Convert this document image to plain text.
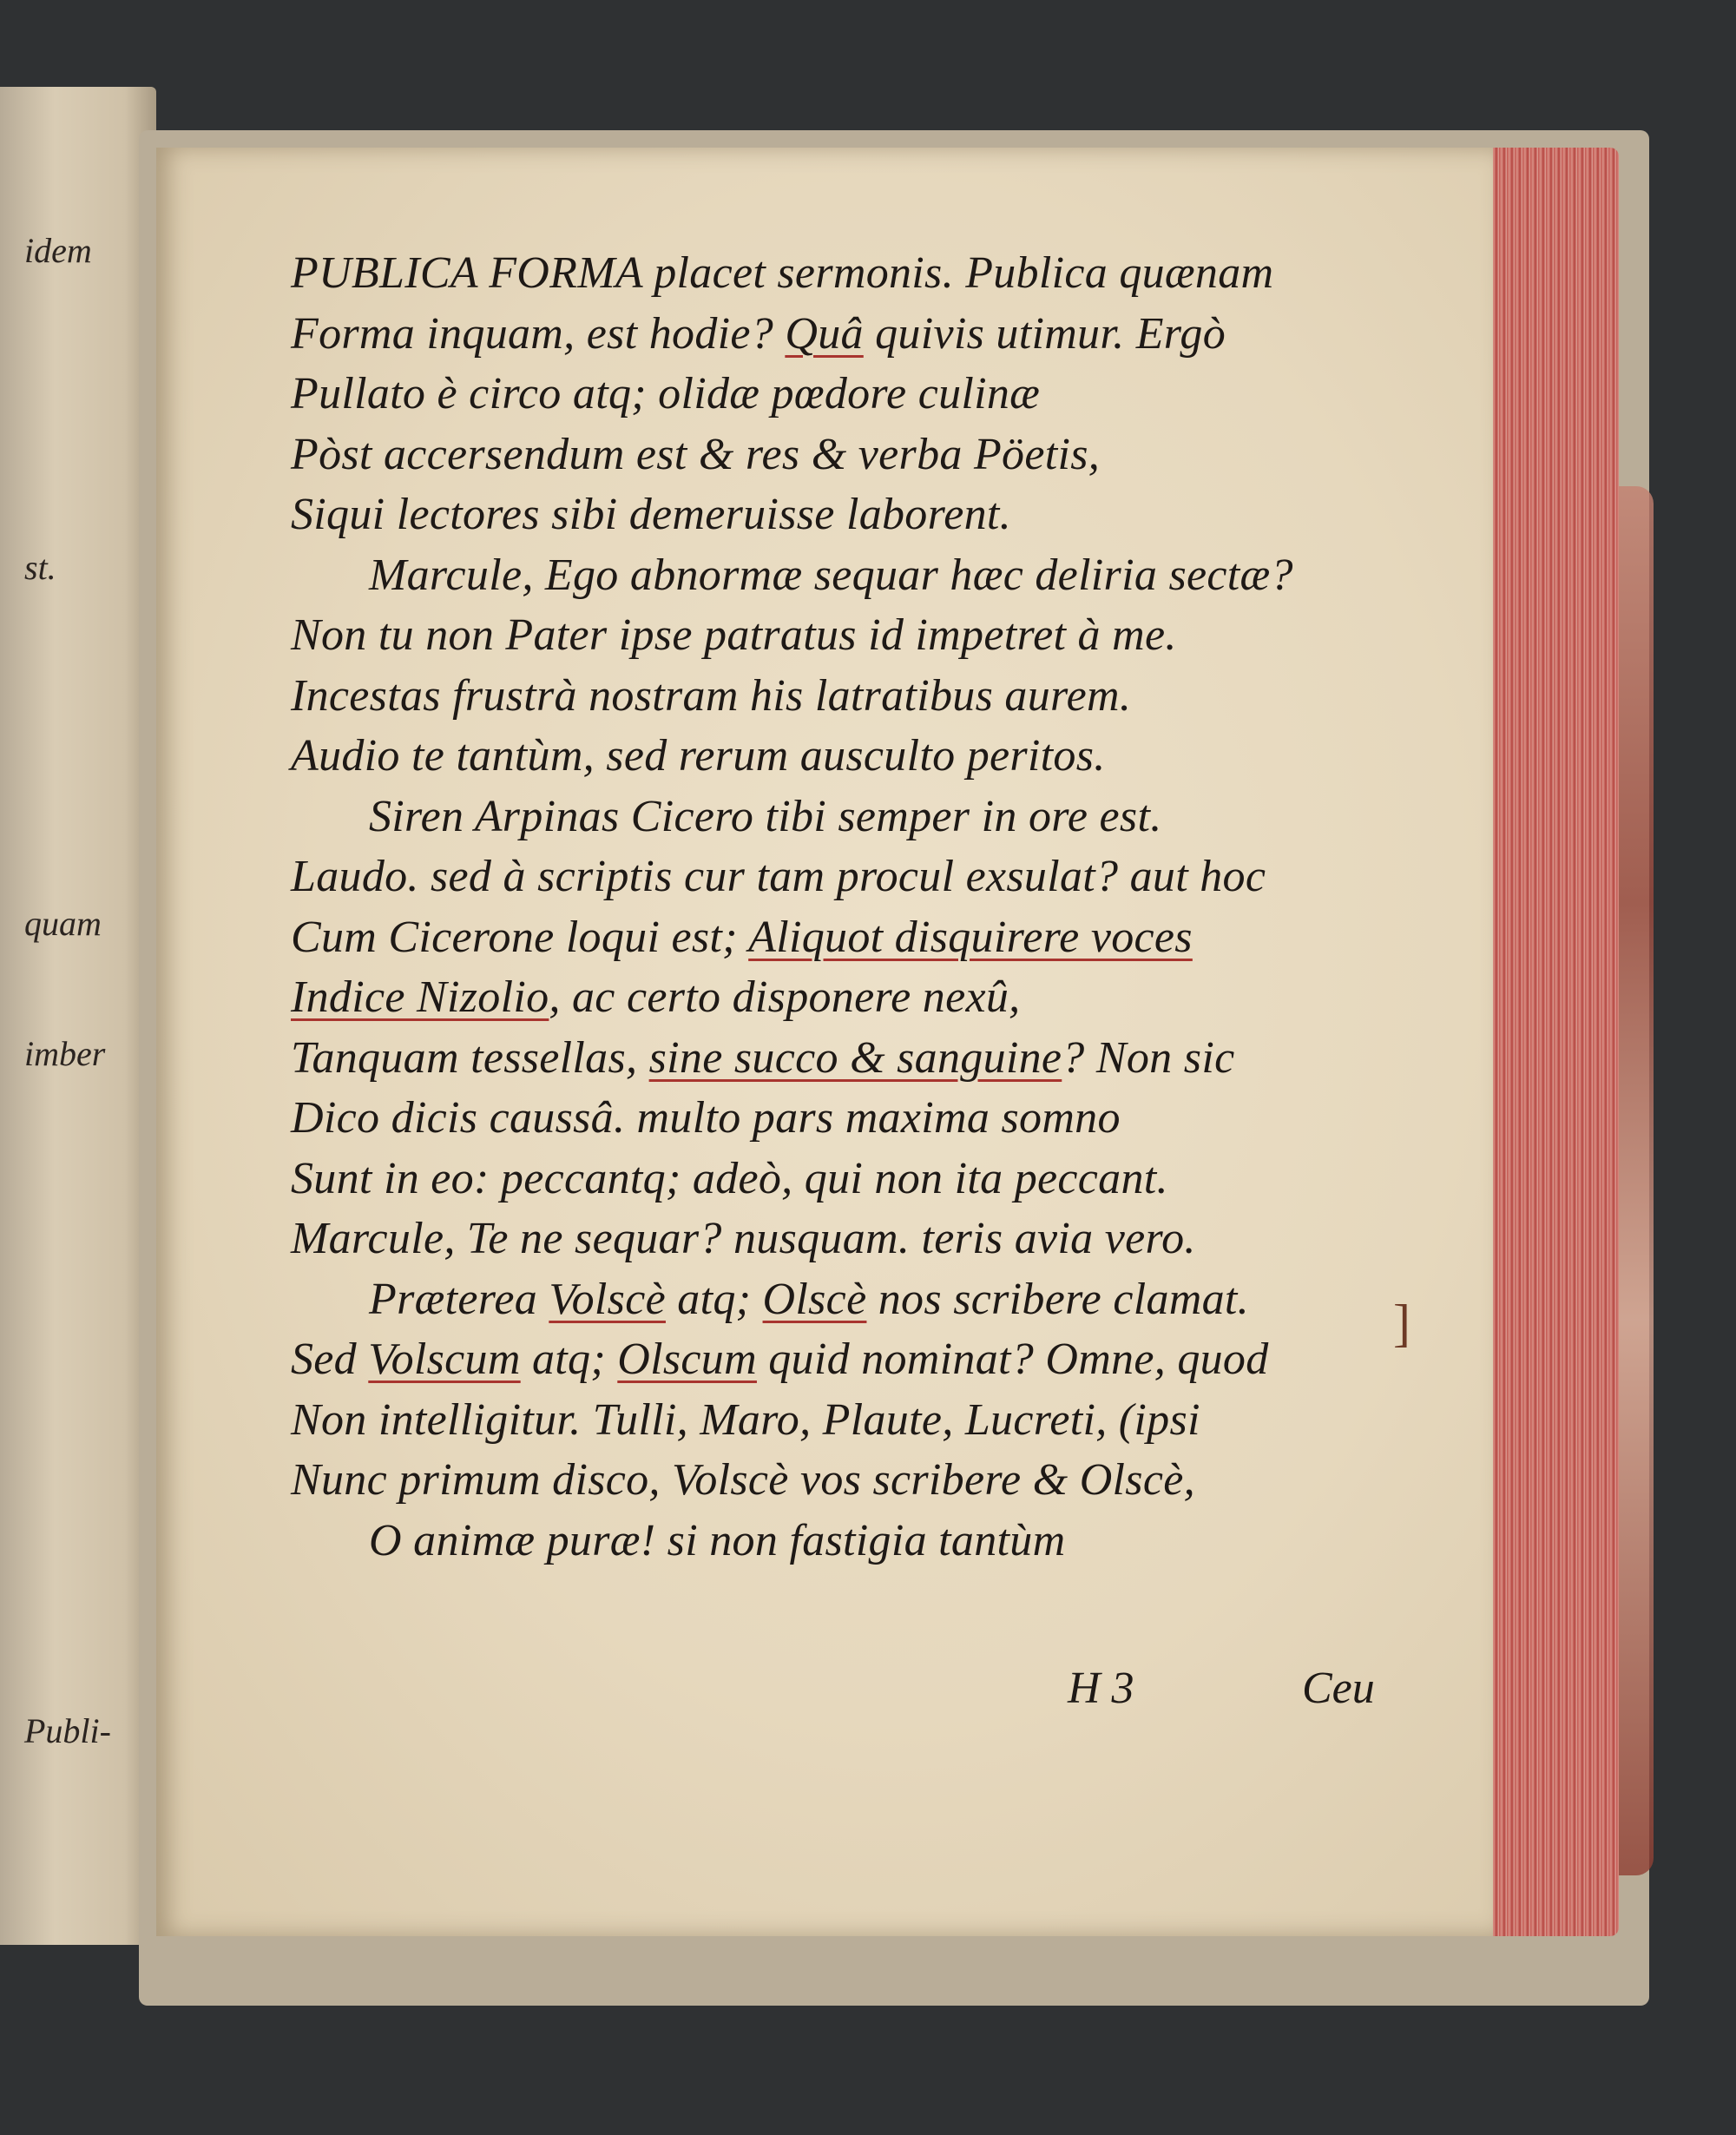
idem
st.
quam
imber
Publi-
PUBLICA FORMA placet sermonis. Publica quænam
Forma inquam, est hodie? Quâ quivis utimur. Ergò
Pullato è circo atq; olidæ pœdore culinæ
Pòst accersendum est & res & verba Pöetis,
Siqui lectores sibi demeruisse laborent.
Marcule, Ego abnormæ sequar hæc deliria sectæ?
Non tu non Pater ipse patratus id impetret à me.
Incestas frustrà nostram his latratibus aurem.
Audio te tantùm, sed rerum ausculto peritos.
Siren Arpinas Cicero tibi semper in ore est.
Laudo. sed à scriptis cur tam procul exsulat? aut hoc
Cum Cicerone loqui est; Aliquot disquirere voces
Indice Nizolio, ac certo disponere nexû,
Tanquam tessellas, sine succo & sanguine? Non sic
Dico dicis caussâ. multo pars maxima somno
Sunt in eo: peccantq; adeò, qui non ita peccant.
Marcule, Te ne sequar? nusquam. teris avia vero.
Præterea Volscè atq; Olscè nos scribere clamat.
Sed Volscum atq; Olscum quid nominat? Omne, quod
Non intelligitur. Tulli, Maro, Plaute, Lucreti, (ipsi
Nunc primum disco, Volscè vos scribere & Olscè,
O animæ puræ! si non fastigia tantùm
]
H 3	Ceu
